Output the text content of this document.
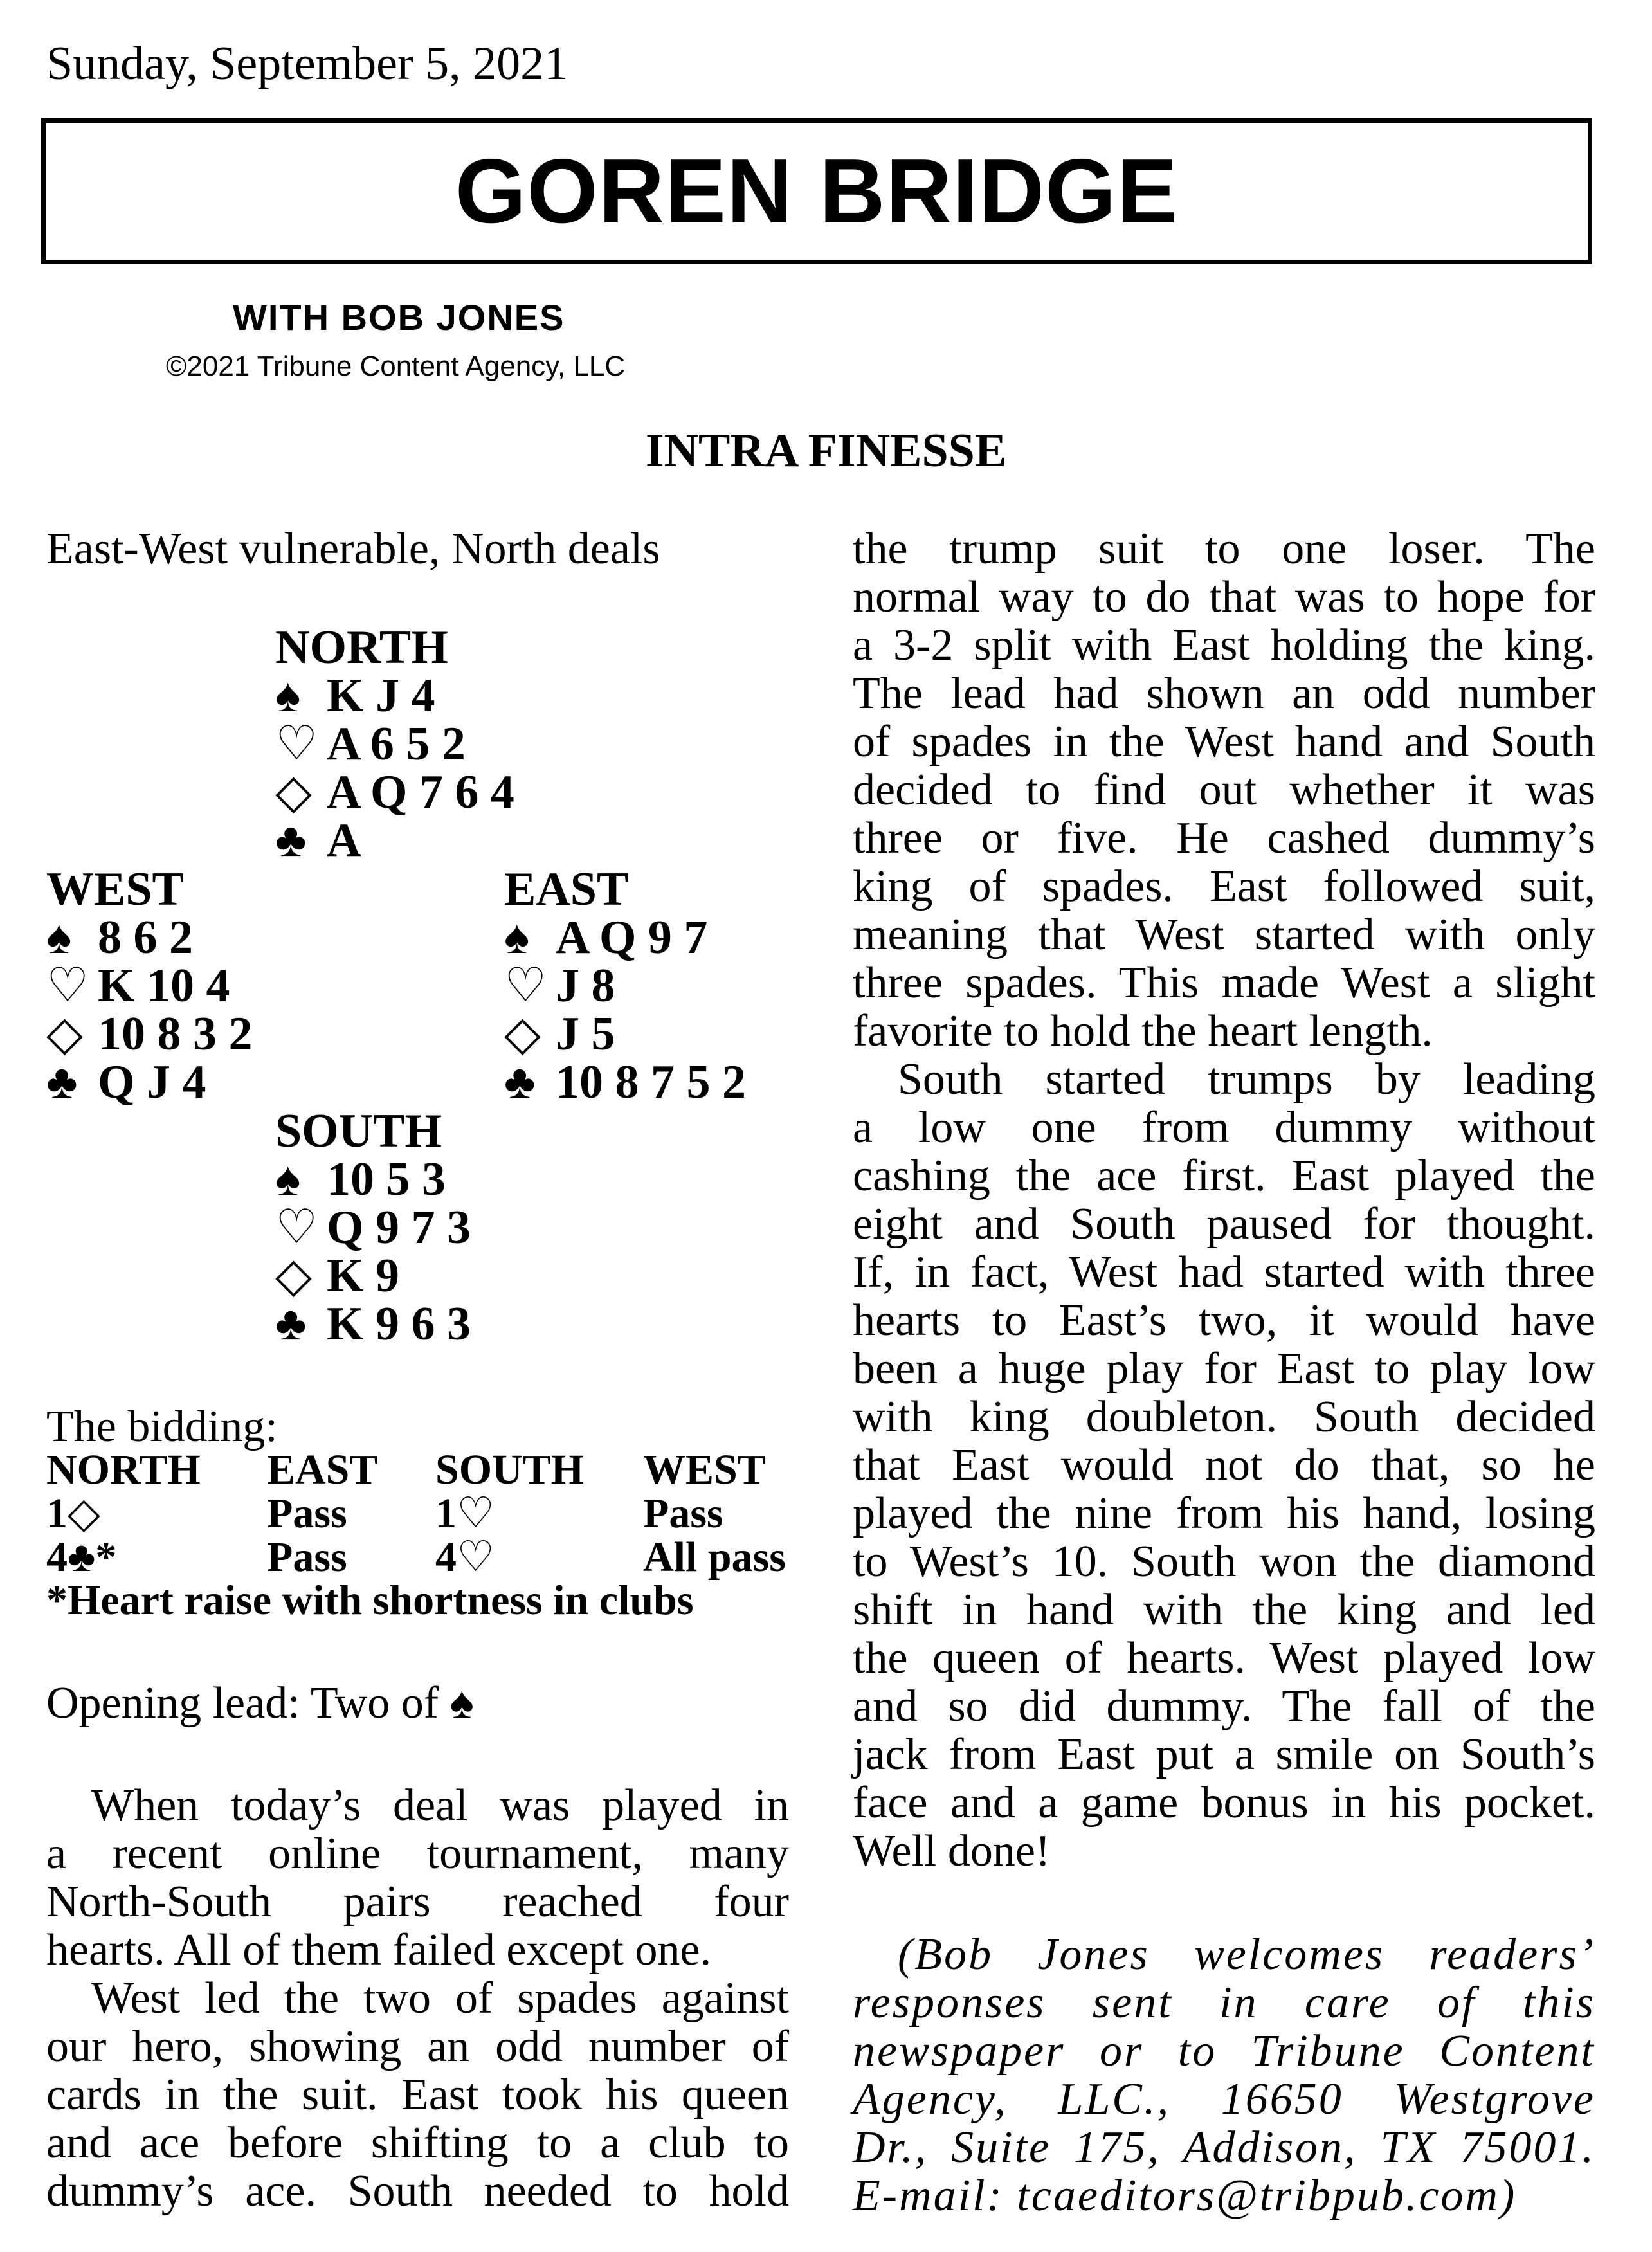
Sunday, September 5, 2021
GOREN BRIDGE
WITH BOB JONES
©2021 Tribune Content Agency, LLC
INTRA FINESSE
East-West vulnerable, North deals
NORTH
♠ K J 4
♡ A 6 5 2
◇ A Q 7 6 4
♣ A
WEST
♠ 8 6 2
♡ K 10 4
◇ 10 8 3 2
♣ Q J 4
EAST
♠ A Q 9 7
♡ J 8
◇ J 5
♣ 10 8 7 5 2
SOUTH
♠ 10 5 3
♡ Q 9 7 3
◇ K 9
♣ K 9 6 3
The bidding:
NORTH	EAST	SOUTH	WEST
1◇	Pass	1♡	Pass
4♣*	Pass	4♡	All pass
*Heart raise with shortness in clubs
Opening lead: Two of ♠
When today’s deal was played in
a recent online tournament, many
North-South pairs reached four
hearts. All of them failed except one.
West led the two of spades against
our hero, showing an odd number of
cards in the suit. East took his queen
and ace before shifting to a club to
dummy’s ace. South needed to hold
the trump suit to one loser. The
normal way to do that was to hope for
a 3-2 split with East holding the king.
The lead had shown an odd number
of spades in the West hand and South
decided to find out whether it was
three or five. He cashed dummy’s
king of spades. East followed suit,
meaning that West started with only
three spades. This made West a slight
favorite to hold the heart length.
South started trumps by leading
a low one from dummy without
cashing the ace first. East played the
eight and South paused for thought.
If, in fact, West had started with three
hearts to East’s two, it would have
been a huge play for East to play low
with king doubleton. South decided
that East would not do that, so he
played the nine from his hand, losing
to West’s 10. South won the diamond
shift in hand with the king and led
the queen of hearts. West played low
and so did dummy. The fall of the
jack from East put a smile on South’s
face and a game bonus in his pocket.
Well done!
(Bob Jones welcomes readers’
responses sent in care of this
newspaper or to Tribune Content
Agency, LLC., 16650 Westgrove
Dr., Suite 175, Addison, TX 75001.
E-mail: tcaeditors@tribpub.com)
